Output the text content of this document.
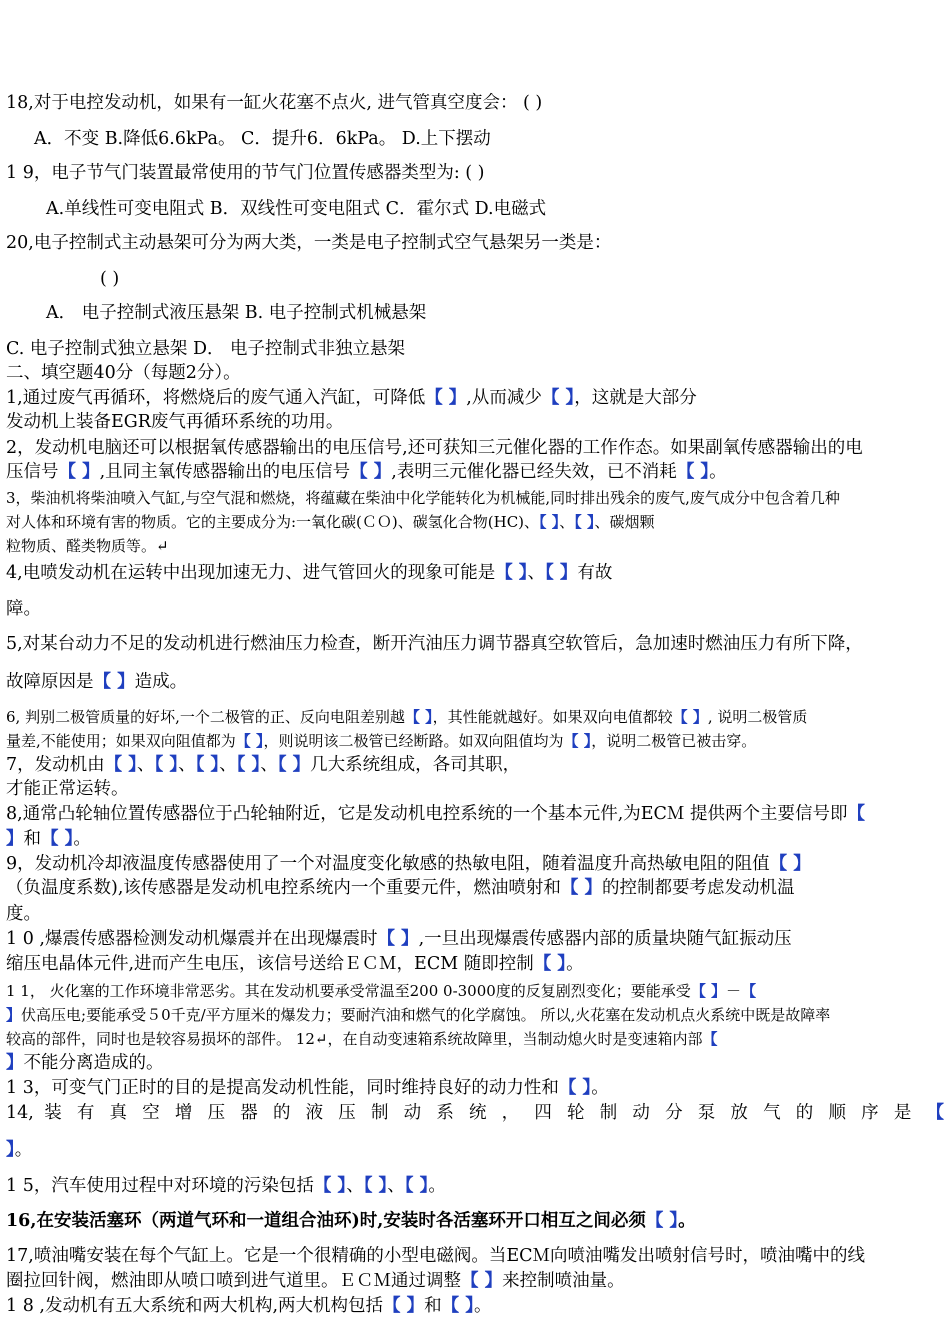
18,对于电控发动机，如果有一缸火花塞不点火, 进气管真空度会： ( )
A．不变 B.降低6.6kPa。 C．提升6．6kPa。 D.上下摆动
1 9，电子节气门装置最常使用的节气门位置传感器类型为: ( )
A.单线性可变电阻式 B．双线性可变电阻式 C．霍尔式 D.电磁式
20,电子控制式主动悬架可分为两大类，一类是电子控制式空气悬架另一类是：
( )
A． 电子控制式液压悬架 B. 电子控制式机械悬架
C. 电子控制式独立悬架 D． 电子控制式非独立悬架
二、填空题40分（每题2分）。
1,通过废气再循环，将燃烧后的废气通入汽缸，可降低【 】,从而减少【 】，这就是大部分
发动机上装备EGR废气再循环系统的功用。
2，发动机电脑还可以根据氧传感器输出的电压信号,还可获知三元催化器的工作作态。如果副氧传感器输出的电
压信号【 】,且同主氧传感器输出的电压信号【 】,表明三元催化器已经失效，已不消耗【 】。
3，柴油机将柴油喷入气缸,与空气混和燃烧，将蕴藏在柴油中化学能转化为机械能,同时排出残余的废气,废气成分中包含着几种
对人体和环境有害的物质。它的主要成分为:一氧化碳(ＣＯ)、碳氢化合物(HC)、【 】、【 】、碳烟颗
粒物质、醛类物质等。↵
4,电喷发动机在运转中出现加速无力、进气管回火的现象可能是【 】、【 】有故
障。
5,对某台动力不足的发动机进行燃油压力检查，断开汽油压力调节器真空软管后，急加速时燃油压力有所下降，
故障原因是【 】造成。
6, 判别二极管质量的好坏,一个二极管的正、反向电阻差别越【 】，其性能就越好。如果双向电值都较【 】, 说明二极管质
量差,不能使用；如果双向阻值都为【 】，则说明该二极管已经断路。如双向阻值均为【 】，说明二极管已被击穿。
7，发动机由【 】、【 】、【 】、【 】、【 】几大系统组成，各司其职，
才能正常运转。
8,通常凸轮轴位置传感器位于凸轮轴附近，它是发动机电控系统的一个基本元件,为ECＭ 提供两个主要信号即【
】和【 】。
9，发动机冷却液温度传感器使用了一个对温度变化敏感的热敏电阻，随着温度升高热敏电阻的阻值【 】
（负温度系数),该传感器是发动机电控系统内一个重要元件，燃油喷射和【 】的控制都要考虑发动机温
度。
1 0 ,爆震传感器检测发动机爆震并在出现爆震时【 】,一旦出现爆震传感器内部的质量块随气缸振动压
缩压电晶体元件,进而产生电压，该信号送给ＥＣＭ，ECM 随即控制【 】。
1 1， 火化塞的工作环境非常恶劣。其在发动机要承受常温至200 0-3000度的反复剧烈变化；要能承受【 】－【
】伏高压电;要能承受５0千克/平方厘米的爆发力；要耐汽油和燃气的化学腐蚀。 所以,火花塞在发动机点火系统中既是故障率
较高的部件，同时也是较容易损坏的部件。 12↵，在自动变速箱系统故障里，当制动熄火时是变速箱内部【
】不能分离造成的。
1 3，可变气门正时的目的是提高发动机性能，同时维持良好的动力性和【 】。
14, 装 有 真 空 增 压 器 的 液 压 制 动 系 统 ， 四 轮 制 动 分 泵 放 气 的 顺 序 是 【
】。
1 5，汽车使用过程中对环境的污染包括【 】、【 】、【 】。
16,在安装活塞环（两道气环和一道组合油环)时,安装时各活塞环开口相互之间必须【 】。
17,喷油嘴安装在每个气缸上。它是一个很精确的小型电磁阀。当ECＭ向喷油嘴发出喷射信号时，喷油嘴中的线
圈拉回针阀，燃油即从喷口喷到进气道里。ＥＣＭ通过调整【 】来控制喷油量。
1 8 ,发动机有五大系统和两大机构,两大机构包括【 】和【 】。
